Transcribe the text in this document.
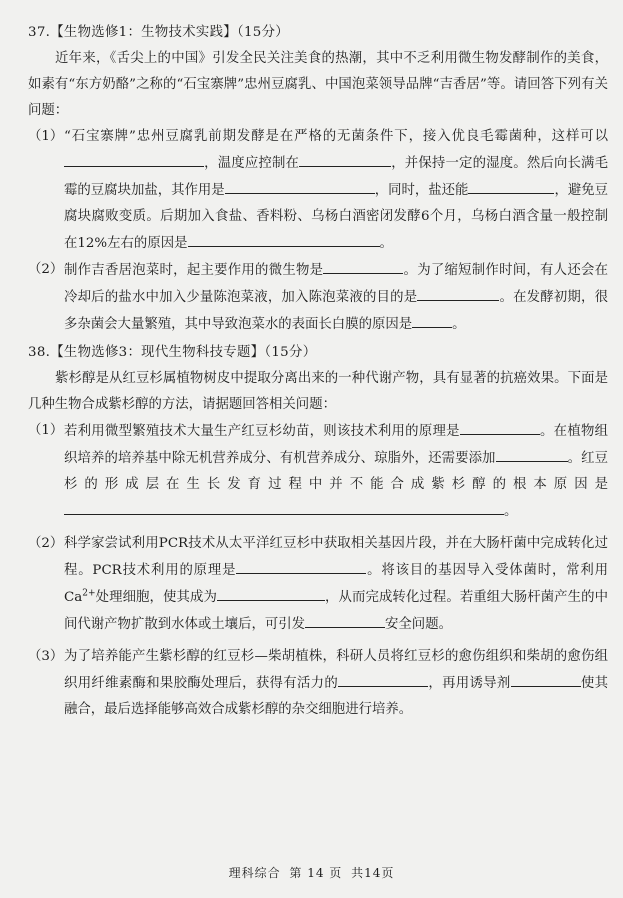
37.【生物选修1：生物技术实践】（15分）
近年来，《舌尖上的中国》引发全民关注美食的热潮，其中不乏利用微生物发酵制作的美食，如素有“东方奶酪”之称的“石宝寨牌”忠州豆腐乳、中国泡菜领导品牌“吉香居”等。请回答下列有关问题：
（1） “石宝寨牌”忠州豆腐乳前期发酵是在严格的无菌条件下，接入优良毛霉菌种，这样可以，温度应控制在	，并保持一定的湿度。然后向长满毛霉的豆腐块加盐，其作用是	，同时，盐还能	，避免豆腐块腐败变质。后期加入食盐、香料粉、乌杨白酒密闭发酵6个月，乌杨白酒含量一般控制在12%左右的原因是	。
（2） 制作吉香居泡菜时，起主要作用的微生物是	。为了缩短制作时间，有人还会在冷却后的盐水中加入少量陈泡菜液，加入陈泡菜液的目的是	。在发酵初期，很多杂菌会大量繁殖，其中导致泡菜水的表面长白膜的原因是	。
38.【生物选修3：现代生物科技专题】（15分）
紫杉醇是从红豆杉属植物树皮中提取分离出来的一种代谢产物，具有显著的抗癌效果。下面是几种生物合成紫杉醇的方法，请据题回答相关问题：
（1） 若利用微型繁殖技术大量生产红豆杉幼苗，则该技术利用的原理是	。在植物组织培养的培养基中除无机营养成分、有机营养成分、琼脂外，还需要添加	。红豆杉的形成层在生长发育过程中并不能合成紫杉醇的根本原因是。
（2） 科学家尝试利用PCR技术从太平洋红豆杉中获取相关基因片段，并在大肠杆菌中完成转化过程。PCR技术利用的原理是	。将该目的基因导入受体菌时，常利用$Ca^{2+}$处理细胞，使其成为	，从而完成转化过程。若重组大肠杆菌产生的中间代谢产物扩散到水体或土壤后，可引发	安全问题。
（3） 为了培养能产生紫杉醇的红豆杉—柴胡植株，科研人员将红豆杉的愈伤组织和柴胡的愈伤组织用纤维素酶和果胶酶处理后，获得有活力的	，再用诱导剂	使其融合，最后选择能够高效合成紫杉醇的杂交细胞进行培养。
理科综合 第 14 页 共14页
